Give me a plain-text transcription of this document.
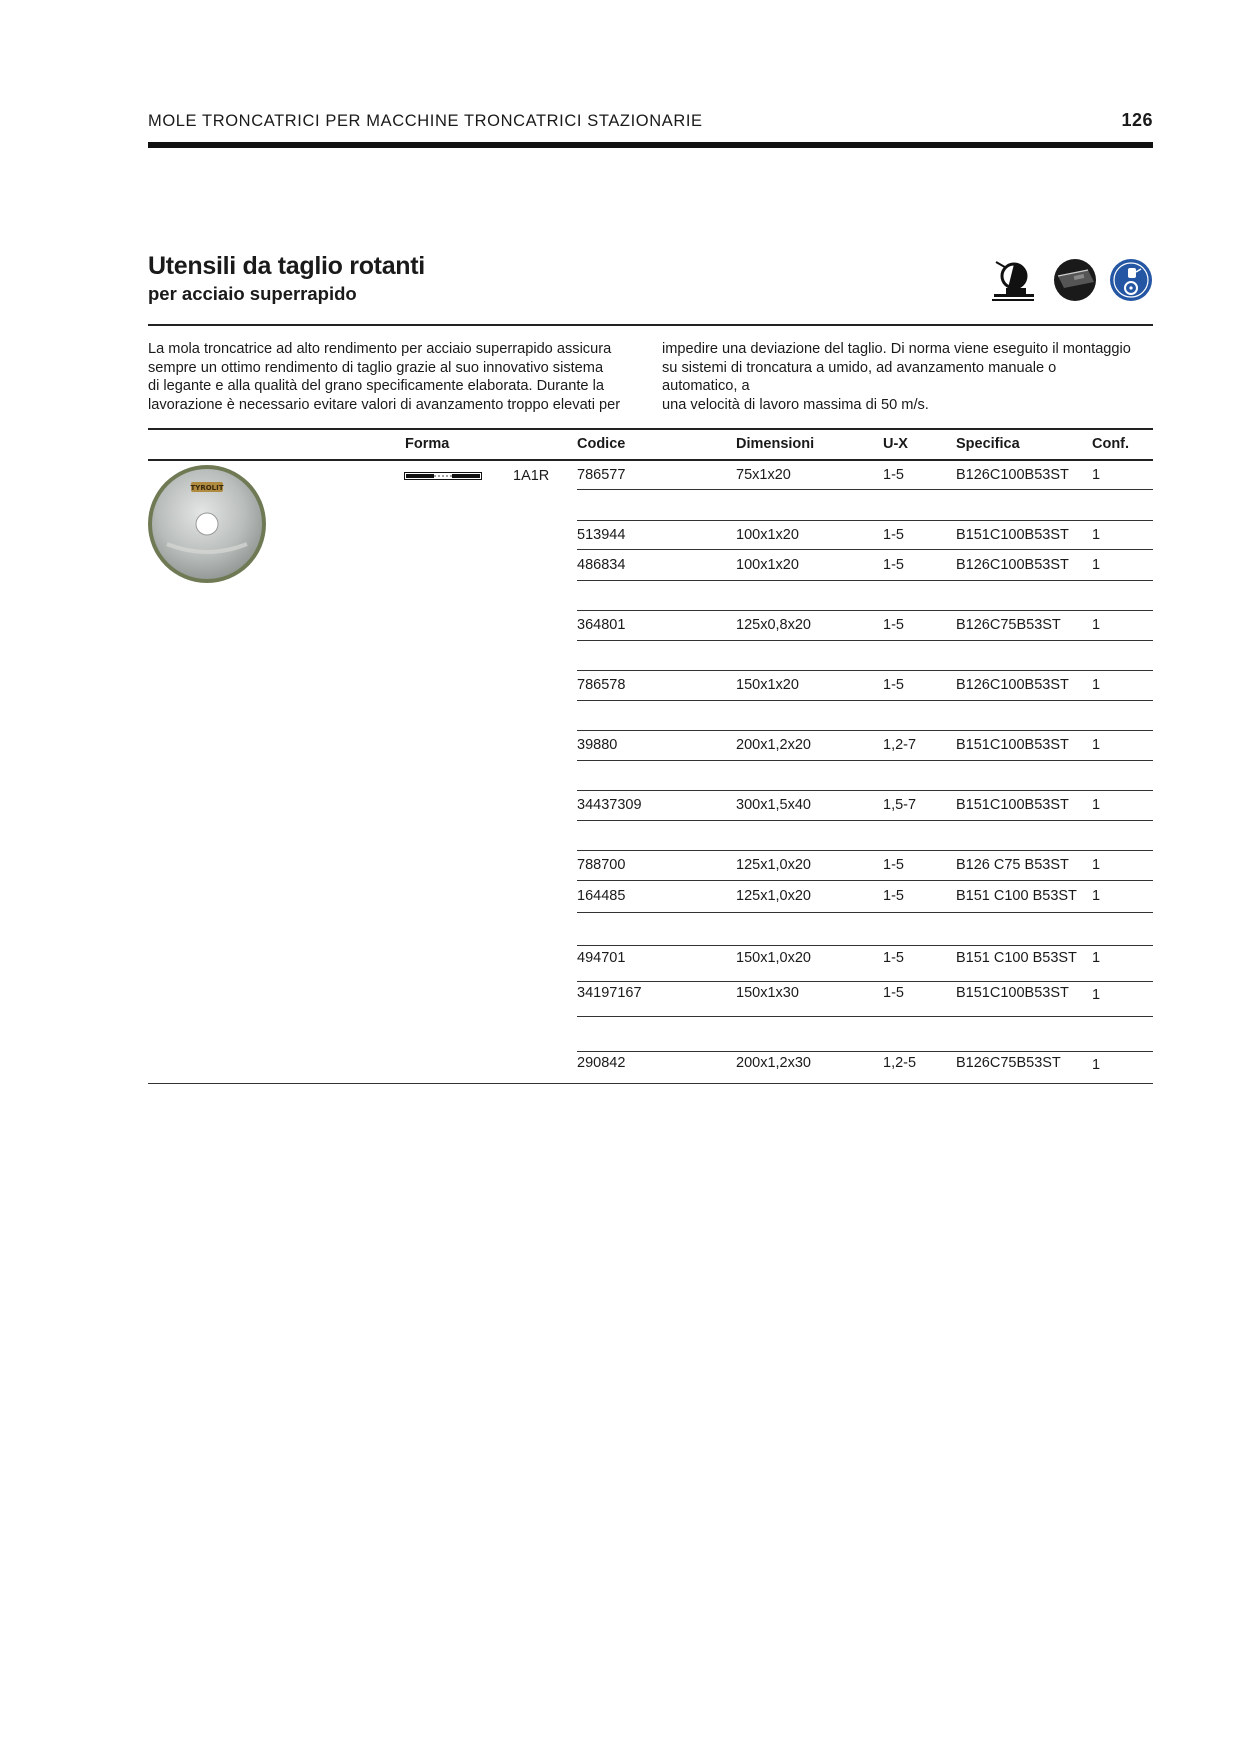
MOLE TRONCATRICI PER MACCHINE TRONCATRICI STAZIONARIE	126
Utensili da taglio rotanti
per acciaio superrapido
La mola troncatrice ad alto rendimento per acciaio superrapido assicura
sempre un ottimo rendimento di taglio grazie al suo innovativo sistema
di legante e alla qualità del grano specificamente elaborata. Durante la
lavorazione è necessario evitare valori di avanzamento troppo elevati per
impedire una deviazione del taglio. Di norma viene eseguito il montaggio
su sistemi di troncatura a umido, ad avanzamento manuale o automatico, a
una velocità di lavoro massima di 50 m/s.
Forma	Codice	Dimensioni	U-X	Specifica	Conf.
TYROLIT
1A1R 786577	75x1x20	1-5	B126C100B53ST 1
513944	100x1x20	1-5	B151C100B53ST 1
486834	100x1x20	1-5	B126C100B53ST 1
364801	125x0,8x20	1-5	B126C75B53ST 1
786578	150x1x20	1-5	B126C100B53ST 1
39880	200x1,2x20	1,2-7	B151C100B53ST 1
34437309	300x1,5x40	1,5-7	B151C100B53ST 1
788700	125x1,0x20	1-5	B126 C75 B53ST 1
164485	125x1,0x20	1-5	B151 C100 B53ST 1
494701	150x1,0x20	1-5	B151 C100 B53ST 1
34197167	150x1x30	1-5	B151C100B53ST 1
290842	200x1,2x30	1,2-5	B126C75B53ST 1
